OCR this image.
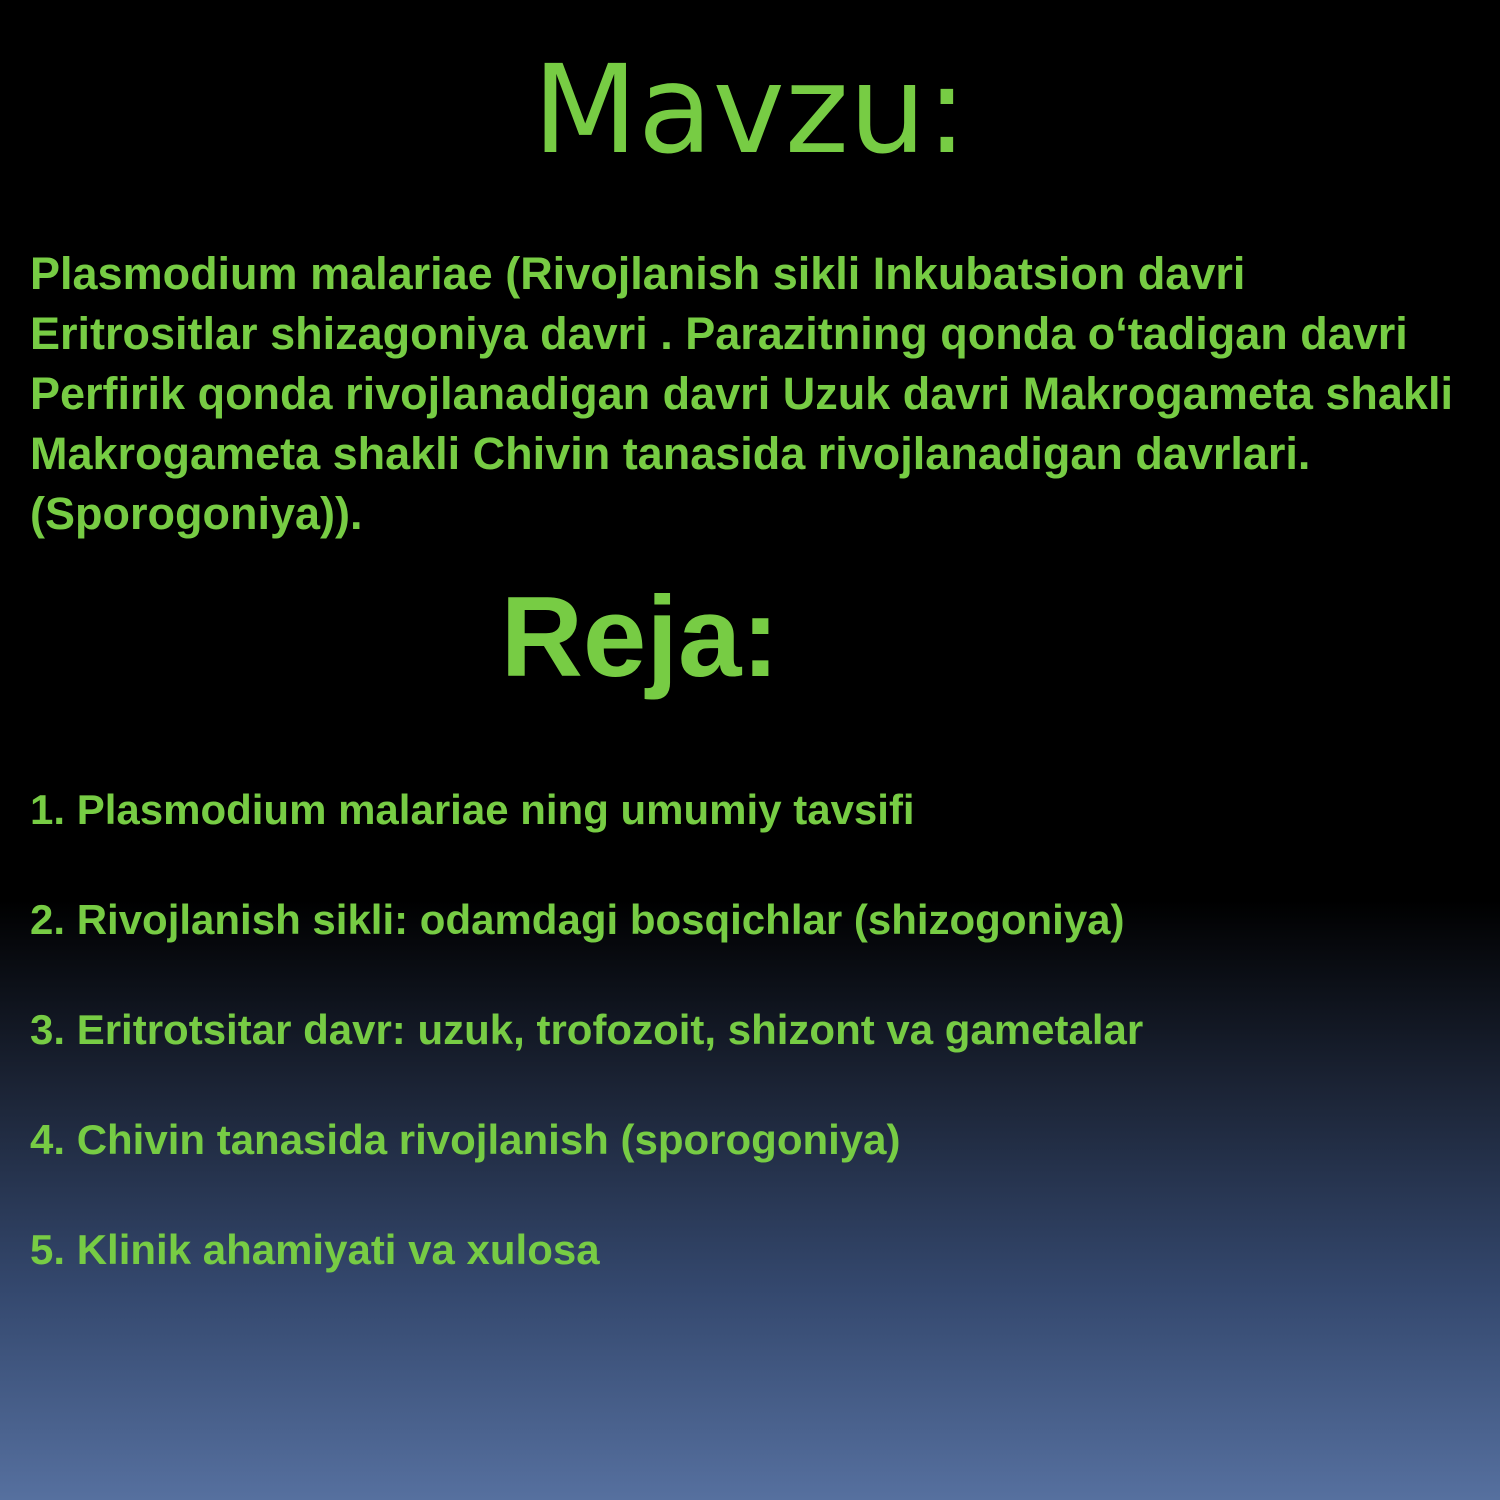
Mavzu:

Plasmodium malariae (Rivojlanish sikli Inkubatsion davri Eritrositlar shizagoniya davri . Parazitning qonda o‘tadigan davri Perfirik qonda rivojlanadigan davri Uzuk davri Makrogameta shakli Makrogameta shakli Chivin tanasida rivojlanadigan davrlari. (Sporogoniya)).

Reja:
1. Plasmodium malariae ning umumiy tavsifi
2. Rivojlanish sikli: odamdagi bosqichlar (shizogoniya)
3. Eritrotsitar davr: uzuk, trofozoit, shizont va gametalar
4. Chivin tanasida rivojlanish (sporogoniya)
5. Klinik ahamiyati va xulosa
